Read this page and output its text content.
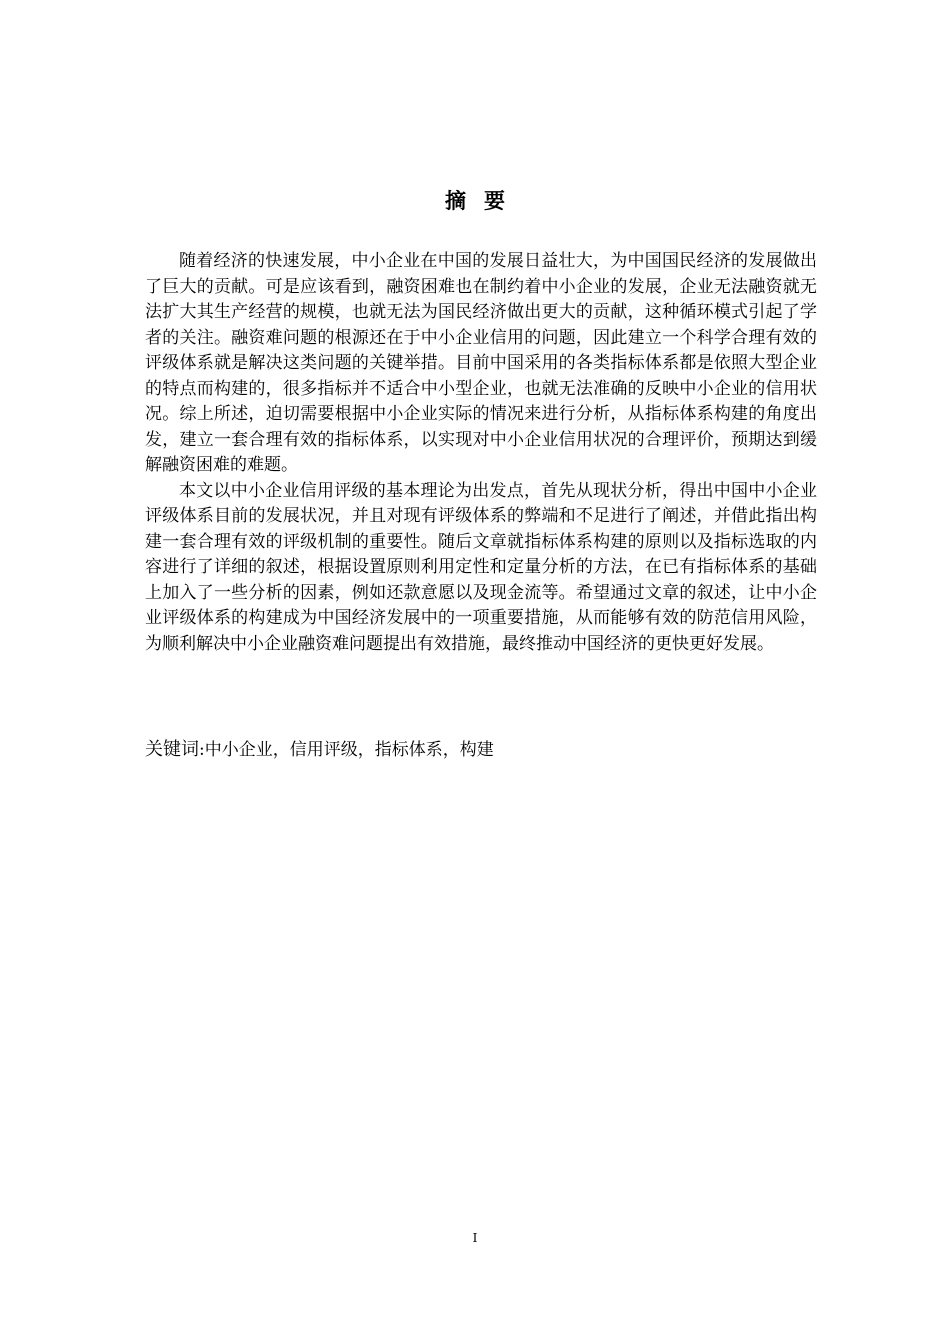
摘要

随着经济的快速发展，中小企业在中国的发展日益壮大，为中国国民经济的发展做出了巨大的贡献。可是应该看到，融资困难也在制约着中小企业的发展，企业无法融资就无法扩大其生产经营的规模，也就无法为国民经济做出更大的贡献，这种循环模式引起了学者的关注。融资难问题的根源还在于中小企业信用的问题，因此建立一个科学合理有效的评级体系就是解决这类问题的关键举措。目前中国采用的各类指标体系都是依照大型企业的特点而构建的，很多指标并不适合中小型企业，也就无法准确的反映中小企业的信用状况。综上所述，迫切需要根据中小企业实际的情况来进行分析，从指标体系构建的角度出发，建立一套合理有效的指标体系，以实现对中小企业信用状况的合理评价，预期达到缓解融资困难的难题。

本文以中小企业信用评级的基本理论为出发点，首先从现状分析，得出中国中小企业评级体系目前的发展状况，并且对现有评级体系的弊端和不足进行了阐述，并借此指出构建一套合理有效的评级机制的重要性。随后文章就指标体系构建的原则以及指标选取的内容进行了详细的叙述，根据设置原则利用定性和定量分析的方法，在已有指标体系的基础上加入了一些分析的因素，例如还款意愿以及现金流等。希望通过文章的叙述，让中小企业评级体系的构建成为中国经济发展中的一项重要措施，从而能够有效的防范信用风险，为顺利解决中小企业融资难问题提出有效措施，最终推动中国经济的更快更好发展。

关键词:中小企业，信用评级，指标体系，构建
I
